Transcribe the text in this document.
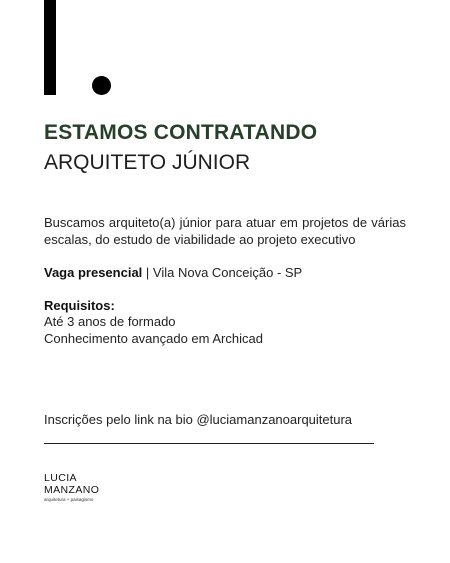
ESTAMOS CONTRATANDO
ARQUITETO JÚNIOR
Buscamos arquiteto(a) júnior para atuar em projetos de várias escalas, do estudo de viabilidade ao projeto executivo
Vaga presencial | Vila Nova Conceição - SP
Requisitos:
Até 3 anos de formado
Conhecimento avançado em Archicad
Inscrições pelo link na bio @luciamanzanoarquitetura
LUCIA
MANZANO
arquitetura + paisagismo
